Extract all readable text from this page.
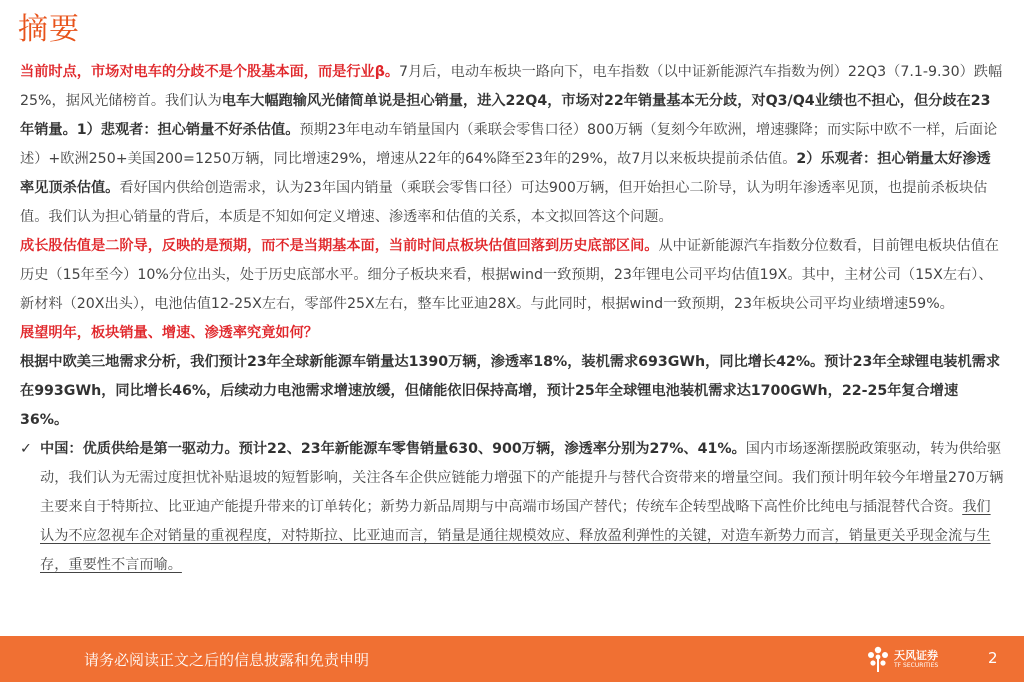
摘要

当前时点，市场对电车的分歧不是个股基本面，而是行业β。7月后，电动车板块一路向下，电车指数（以中证新能源汽车指数为例）22Q3（7.1-9.30）跌幅25%，据风光储榜首。我们认为电车大幅跑输风光储简单说是担心销量，进入22Q4，市场对22年销量基本无分歧，对Q3/Q4业绩也不担心，但分歧在23年销量。1）悲观者：担心销量不好杀估值。预期23年电动车销量国内（乘联会零售口径）800万辆（复刻今年欧洲，增速骤降；而实际中欧不一样，后面论述）+欧洲250+美国200=1250万辆，同比增速29%，增速从22年的64%降至23年的29%，故7月以来板块提前杀估值。2）乐观者：担心销量太好渗透率见顶杀估值。看好国内供给创造需求，认为23年国内销量（乘联会零售口径）可达900万辆，但开始担心二阶导，认为明年渗透率见顶，也提前杀板块估值。我们认为担心销量的背后，本质是不知如何定义增速、渗透率和估值的关系，本文拟回答这个问题。

成长股估值是二阶导，反映的是预期，而不是当期基本面，当前时间点板块估值回落到历史底部区间。从中证新能源汽车指数分位数看，目前锂电板块估值在历史（15年至今）10%分位出头，处于历史底部水平。细分子板块来看，根据wind一致预期，23年锂电公司平均估值19X。其中，主材公司（15X左右）、新材料（20X出头），电池估值12-25X左右，零部件25X左右，整车比亚迪28X。与此同时，根据wind一致预期，23年板块公司平均业绩增速59%。

展望明年，板块销量、增速、渗透率究竟如何？

根据中欧美三地需求分析，我们预计23年全球新能源车销量达1390万辆，渗透率18%，装机需求693GWh，同比增长42%。预计23年全球锂电装机需求在993GWh，同比增长46%，后续动力电池需求增速放缓，但储能依旧保持高增，预计25年全球锂电池装机需求达1700GWh，22-25年复合增速36%。

✓ 中国：优质供给是第一驱动力。预计22、23年新能源车零售销量630、900万辆，渗透率分别为27%、41%。国内市场逐渐摆脱政策驱动，转为供给驱动，我们认为无需过度担忧补贴退坡的短暂影响，关注各车企供应链能力增强下的产能提升与替代合资带来的增量空间。我们预计明年较今年增量270万辆主要来自于特斯拉、比亚迪产能提升带来的订单转化；新势力新品周期与中高端市场国产替代；传统车企转型战略下高性价比纯电与插混替代合资。我们认为不应忽视车企对销量的重视程度，对特斯拉、比亚迪而言，销量是通往规模效应、释放盈利弹性的关键，对造车新势力而言，销量更关乎现金流与生存，重要性不言而喻。

请务必阅读正文之后的信息披露和免责申明	天风证券
TF SECURITIES	2
